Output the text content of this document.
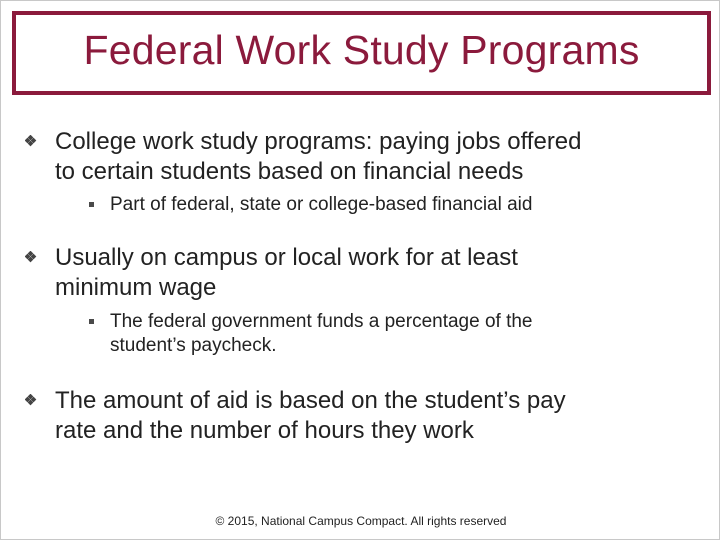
Federal Work Study Programs
College work study programs: paying jobs offered
to certain students based on financial needs
Part of federal, state or college-based financial aid
Usually on campus or local work for at least
minimum wage
The federal government funds a percentage of the
student’s paycheck.
The amount of aid is based on the student’s pay
rate and the number of hours they work
© 2015, National Campus Compact. All rights reserved
